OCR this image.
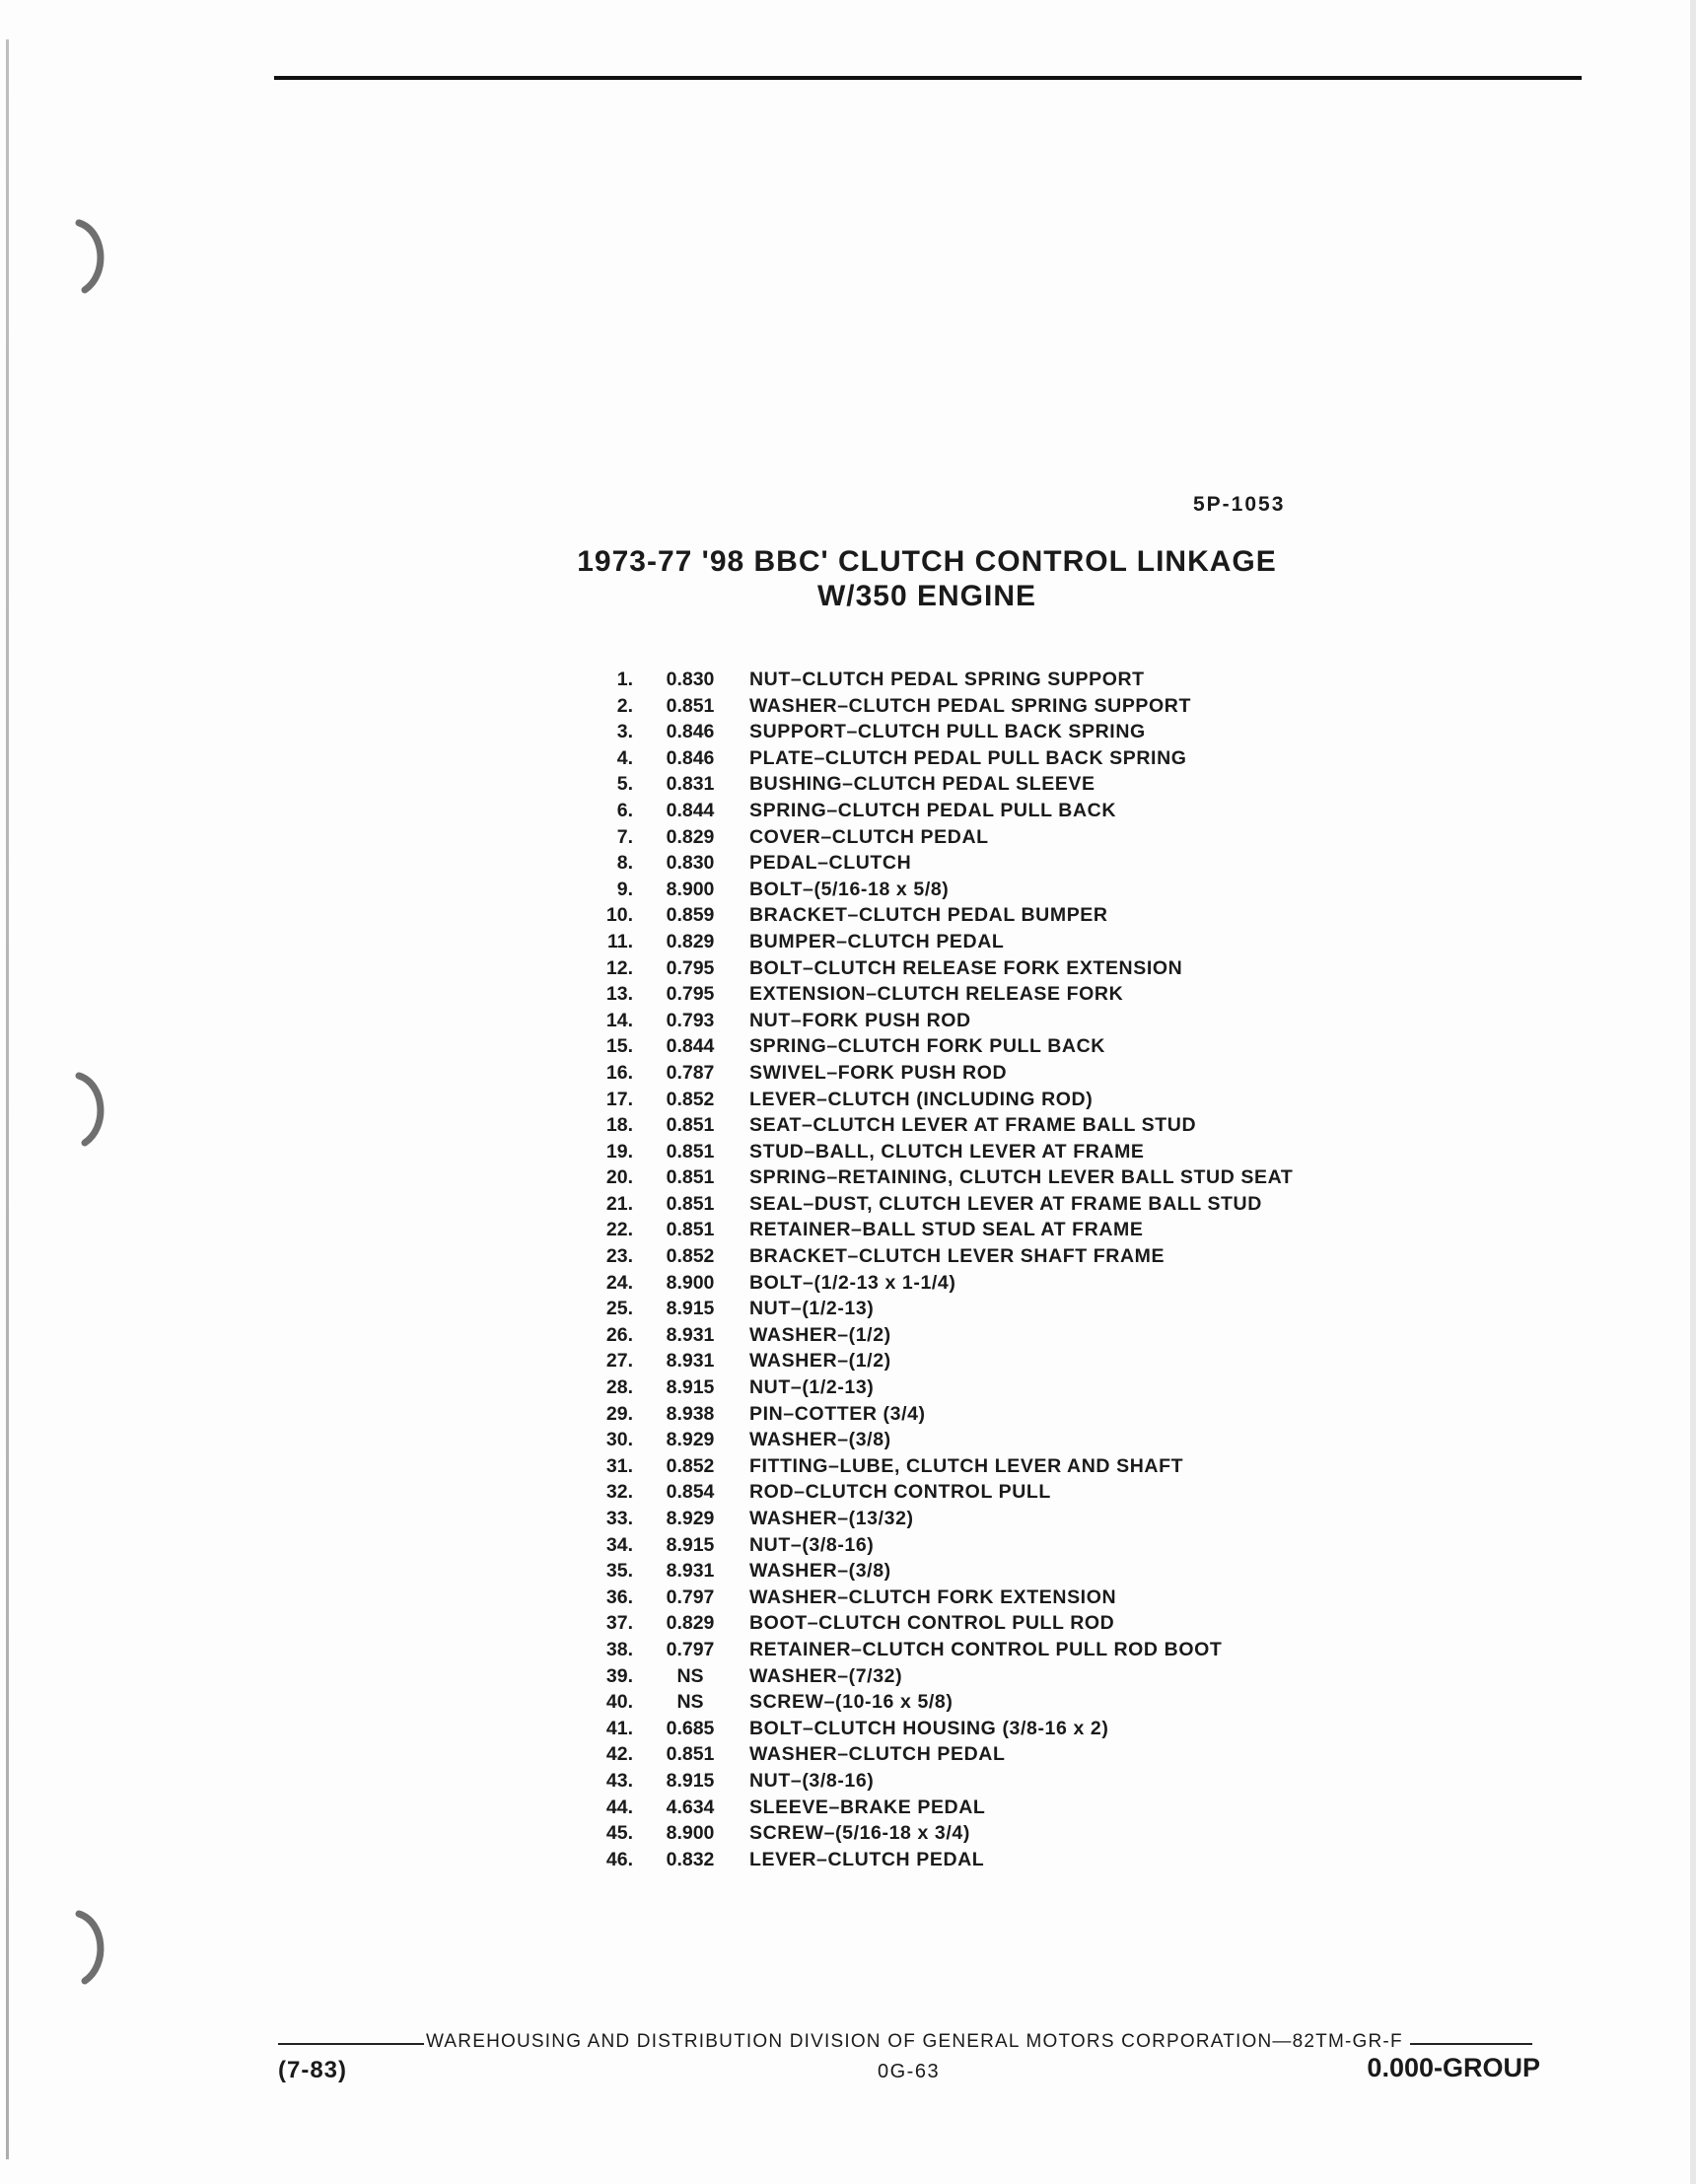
5P-1053
1973-77 '98 BBC' CLUTCH CONTROL LINKAGE
W/350 ENGINE
1.	0.830	NUT–CLUTCH PEDAL SPRING SUPPORT
2.	0.851	WASHER–CLUTCH PEDAL SPRING SUPPORT
3.	0.846	SUPPORT–CLUTCH PULL BACK SPRING
4.	0.846	PLATE–CLUTCH PEDAL PULL BACK SPRING
5.	0.831	BUSHING–CLUTCH PEDAL SLEEVE
6.	0.844	SPRING–CLUTCH PEDAL PULL BACK
7.	0.829	COVER–CLUTCH PEDAL
8.	0.830	PEDAL–CLUTCH
9.	8.900	BOLT–(5/16-18 x 5/8)
10.	0.859	BRACKET–CLUTCH PEDAL BUMPER
11.	0.829	BUMPER–CLUTCH PEDAL
12.	0.795	BOLT–CLUTCH RELEASE FORK EXTENSION
13.	0.795	EXTENSION–CLUTCH RELEASE FORK
14.	0.793	NUT–FORK PUSH ROD
15.	0.844	SPRING–CLUTCH FORK PULL BACK
16.	0.787	SWIVEL–FORK PUSH ROD
17.	0.852	LEVER–CLUTCH (INCLUDING ROD)
18.	0.851	SEAT–CLUTCH LEVER AT FRAME BALL STUD
19.	0.851	STUD–BALL, CLUTCH LEVER AT FRAME
20.	0.851	SPRING–RETAINING, CLUTCH LEVER BALL STUD SEAT
21.	0.851	SEAL–DUST, CLUTCH LEVER AT FRAME BALL STUD
22.	0.851	RETAINER–BALL STUD SEAL AT FRAME
23.	0.852	BRACKET–CLUTCH LEVER SHAFT FRAME
24.	8.900	BOLT–(1/2-13 x 1-1/4)
25.	8.915	NUT–(1/2-13)
26.	8.931	WASHER–(1/2)
27.	8.931	WASHER–(1/2)
28.	8.915	NUT–(1/2-13)
29.	8.938	PIN–COTTER (3/4)
30.	8.929	WASHER–(3/8)
31.	0.852	FITTING–LUBE, CLUTCH LEVER AND SHAFT
32.	0.854	ROD–CLUTCH CONTROL PULL
33.	8.929	WASHER–(13/32)
34.	8.915	NUT–(3/8-16)
35.	8.931	WASHER–(3/8)
36.	0.797	WASHER–CLUTCH FORK EXTENSION
37.	0.829	BOOT–CLUTCH CONTROL PULL ROD
38.	0.797	RETAINER–CLUTCH CONTROL PULL ROD BOOT
39.	NS	WASHER–(7/32)
40.	NS	SCREW–(10-16 x 5/8)
41.	0.685	BOLT–CLUTCH HOUSING (3/8-16 x 2)
42.	0.851	WASHER–CLUTCH PEDAL
43.	8.915	NUT–(3/8-16)
44.	4.634	SLEEVE–BRAKE PEDAL
45.	8.900	SCREW–(5/16-18 x 3/4)
46.	0.832	LEVER–CLUTCH PEDAL
WAREHOUSING AND DISTRIBUTION DIVISION OF GENERAL MOTORS CORPORATION—82TM-GR-F
(7-83)	0G-63	0.000-GROUP
